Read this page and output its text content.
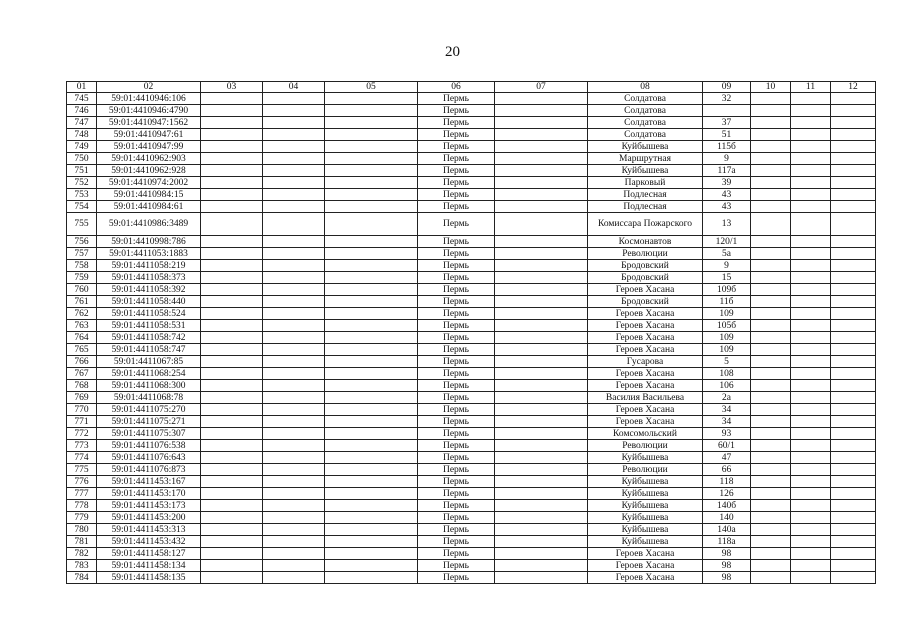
20
01	02	03	04	05	06	07	08	09	10	11	12
745	59:01:4410946:106				Пермь		Солдатова	32			
746	59:01:4410946:4790				Пермь		Солдатова				
747	59:01:4410947:1562				Пермь		Солдатова	37			
748	59:01:4410947:61				Пермь		Солдатова	51			
749	59:01:4410947:99				Пермь		Куйбышева	115б			
750	59:01:4410962:903				Пермь		Маршрутная	9			
751	59:01:4410962:928				Пермь		Куйбышева	117а			
752	59:01:4410974:2002				Пермь		Парковый	39			
753	59:01:4410984:15				Пермь		Подлесная	43			
754	59:01:4410984:61				Пермь		Подлесная	43			
755	59:01:4410986:3489				Пермь		Комиссара Пожарского	13			
756	59:01:4410998:786				Пермь		Космонавтов	120/1			
757	59:01:4411053:1883				Пермь		Революции	5а			
758	59:01:4411058:219				Пермь		Бродовский	9			
759	59:01:4411058:373				Пермь		Бродовский	15			
760	59:01:4411058:392				Пермь		Героев Хасана	109б			
761	59:01:4411058:440				Пермь		Бродовский	11б			
762	59:01:4411058:524				Пермь		Героев Хасана	109			
763	59:01:4411058:531				Пермь		Героев Хасана	105б			
764	59:01:4411058:742				Пермь		Героев Хасана	109			
765	59:01:4411058:747				Пермь		Героев Хасана	109			
766	59:01:4411067:85				Пермь		Гусарова	5			
767	59:01:4411068:254				Пермь		Героев Хасана	108			
768	59:01:4411068:300				Пермь		Героев Хасана	106			
769	59:01:4411068:78				Пермь		Василия Васильева	2а			
770	59:01:4411075:270				Пермь		Героев Хасана	34			
771	59:01:4411075:271				Пермь		Героев Хасана	34			
772	59:01:4411075:307				Пермь		Комсомольский	93			
773	59:01:4411076:538				Пермь		Революции	60/1			
774	59:01:4411076:643				Пермь		Куйбышева	47			
775	59:01:4411076:873				Пермь		Революции	66			
776	59:01:4411453:167				Пермь		Куйбышева	118			
777	59:01:4411453:170				Пермь		Куйбышева	126			
778	59:01:4411453:173				Пермь		Куйбышева	140б			
779	59:01:4411453:200				Пермь		Куйбышева	140			
780	59:01:4411453:313				Пермь		Куйбышева	140а			
781	59:01:4411453:432				Пермь		Куйбышева	118а			
782	59:01:4411458:127				Пермь		Героев Хасана	98			
783	59:01:4411458:134				Пермь		Героев Хасана	98			
784	59:01:4411458:135				Пермь		Героев Хасана	98			
